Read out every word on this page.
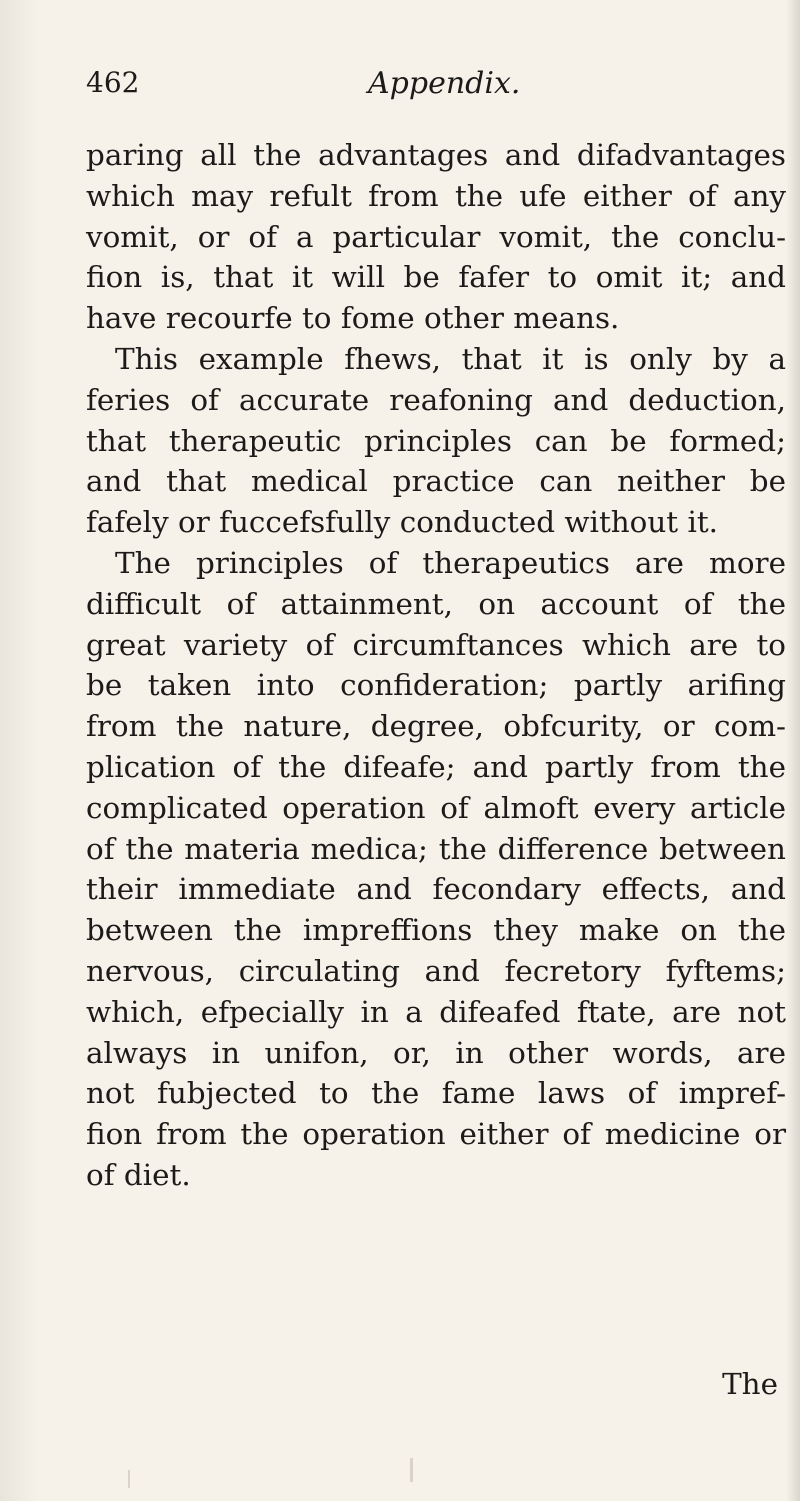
462	Appendix.
paring all the advantages and difadvantages
which may refult from the ufe either of any
vomit, or of a particular vomit, the conclu-
fion is, that it will be fafer to omit it; and
have recourfe to fome other means.
This example fhews, that it is only by a
feries of accurate reafoning and deduction,
that therapeutic principles can be formed;
and that medical practice can neither be
fafely or fuccefsfully conducted without it.
The principles of therapeutics are more
difficult of attainment, on account of the
great variety of circumftances which are to
be taken into confideration; partly arifing
from the nature, degree, obfcurity, or com-
plication of the difeafe; and partly from the
complicated operation of almoft every article
of the materia medica; the difference between
their immediate and fecondary effects, and
between the impreffions they make on the
nervous, circulating and fecretory fyftems;
which, efpecially in a difeafed ftate, are not
always in unifon, or, in other words, are
not fubjected to the fame laws of impref-
fion from the operation either of medicine or
of diet.
The
